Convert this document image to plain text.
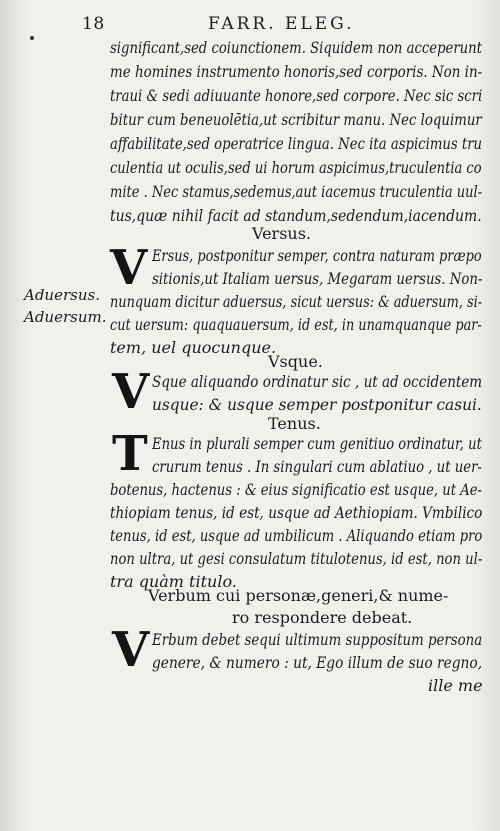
18	FARR. ELEG.
significant,sed coiunctionem. Siquidem non acceperunt
me homines instrumento honoris,sed corporis. Non in-
traui & sedi adiuuante honore,sed corpore. Nec sic scri
bitur cum beneuolētia,ut scribitur manu. Nec loquimur
affabilitate,sed operatrice lingua. Nec ita aspicimus tru
culentia ut oculis,sed ui horum aspicimus,truculentia co
mite . Nec stamus,sedemus,aut iacemus truculentia uul-
tus,quæ nihil facit ad standum,sedendum,iacendum.
Versus.
V Ersus, postponitur semper, contra naturam præpo
sitionis,ut Italiam uersus, Megaram uersus. Non-
nunquam dicitur aduersus, sicut uersus: & aduersum, si-
cut uersum: quaquauersum, id est, in unamquanque par-
tem, uel quocunque.
Aduersus.
Aduersum.
Vsque.
V Sque aliquando ordinatur sic , ut ad occidentem
usque: & usque semper postponitur casui.
Tenus.
T Enus in plurali semper cum genitiuo ordinatur, ut
crurum tenus . In singulari cum ablatiuo , ut uer-
botenus, hactenus : & eius significatio est usque, ut Ae-
thiopiam tenus, id est, usque ad Aethiopiam. Vmbilico
tenus, id est, usque ad umbilicum . Aliquando etiam pro
non ultra, ut gesi consulatum titulotenus, id est, non ul-
tra quàm titulo.
Verbum cui personæ,generi,& nume-
ro respondere debeat.
V Erbum debet sequi ultimum suppositum persona
genere, & numero : ut, Ego illum de suo regno,
ille me
